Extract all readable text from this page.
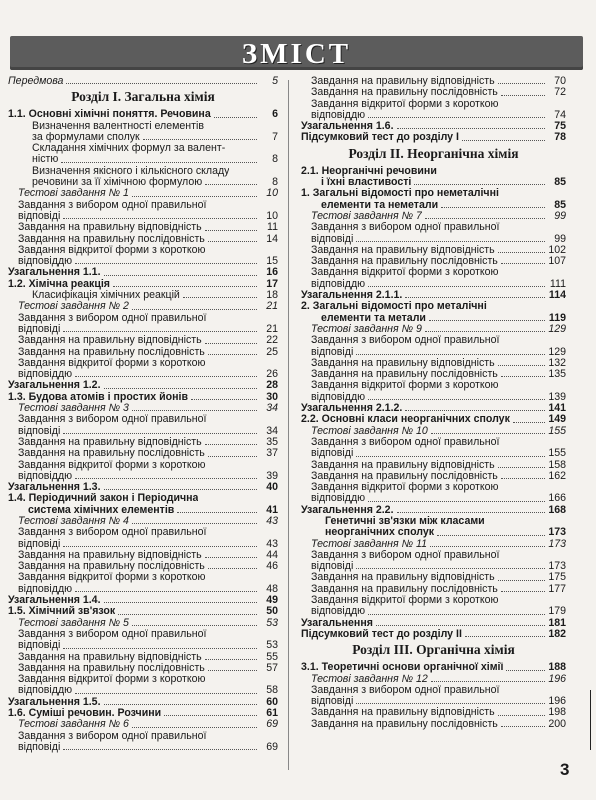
ЗМІСТ
Передмова	5
Розділ I. Загальна хімія
1.1. Основні хімічні поняття. Речовина	6
Визначення валентності елементів
за формулами сполук	7
Складання хімічних формул за валент-
ністю	8
Визначення якісного і кількісного складу
речовини за її хімічною формулою	8
Тестові завдання № 1	10
Завдання з вибором одної правильної
відповіді	10
Завдання на правильну відповідність	11
Завдання на правильну послідовність	14
Завдання відкритої форми з короткою
відповіддю	15
Узагальнення 1.1.	16
1.2. Хімічна реакція	17
Класифікація хімічних реакцій	18
Тестові завдання № 2	21
Завдання з вибором одної правильної
відповіді	21
Завдання на правильну відповідність	22
Завдання на правильну послідовність	25
Завдання відкритої форми з короткою
відповіддю	26
Узагальнення 1.2.	28
1.3. Будова атомів і простих йонів	30
Тестові завдання № 3	34
Завдання з вибором одної правильної
відповіді	34
Завдання на правильну відповідність	35
Завдання на правильну послідовність	37
Завдання відкритої форми з короткою
відповіддю	39
Узагальнення 1.3.	40
1.4. Періодичний закон і Періодична
система хімічних елементів	41
Тестові завдання № 4	43
Завдання з вибором одної правильної
відповіді	43
Завдання на правильну відповідність	44
Завдання на правильну послідовність	46
Завдання відкритої форми з короткою
відповіддю	48
Узагальнення 1.4.	49
1.5. Хімічний зв'язок	50
Тестові завдання № 5	53
Завдання з вибором одної правильної
відповіді	53
Завдання на правильну відповідність	55
Завдання на правильну послідовність	57
Завдання відкритої форми з короткою
відповіддю	58
Узагальнення 1.5.	60
1.6. Суміші речовин. Розчини	61
Тестові завдання № 6	69
Завдання з вибором одної правильної
відповіді	69
Завдання на правильну відповідність	70
Завдання на правильну послідовність	72
Завдання відкритої форми з короткою
відповіддю	74
Узагальнення 1.6.	75
Підсумковий тест до розділу I	78
Розділ II. Неорганічна хімія
2.1. Неорганічні речовини
і їхні властивості	85
1. Загальні відомості про неметалічні
елементи та неметали	85
Тестові завдання № 7	99
Завдання з вибором одної правильної
відповіді	99
Завдання на правильну відповідність	102
Завдання на правильну послідовність	107
Завдання відкритої форми з короткою
відповіддю	111
Узагальнення 2.1.1.	114
2. Загальні відомості про металічні
елементи та метали	119
Тестові завдання № 9	129
Завдання з вибором одної правильної
відповіді	129
Завдання на правильну відповідність	132
Завдання на правильну послідовність	135
Завдання відкритої форми з короткою
відповіддю	139
Узагальнення 2.1.2.	141
2.2. Основні класи неорганічних сполук	149
Тестові завдання № 10	155
Завдання з вибором одної правильної
відповіді	155
Завдання на правильну відповідність	158
Завдання на правильну послідовність	162
Завдання відкритої форми з короткою
відповіддю	166
Узагальнення 2.2.	168
Генетичні зв'язки між класами
неорганічних сполук	173
Тестові завдання № 11	173
Завдання з вибором одної правильної
відповіді	173
Завдання на правильну відповідність	175
Завдання на правильну послідовність	177
Завдання відкритої форми з короткою
відповіддю	179
Узагальнення	181
Підсумковий тест до розділу II	182
Розділ III. Органічна хімія
3.1. Теоретичні основи органічної хімії	188
Тестові завдання № 12	196
Завдання з вибором одної правильної
відповіді	196
Завдання на правильну відповідність	198
Завдання на правильну послідовність	200
3
